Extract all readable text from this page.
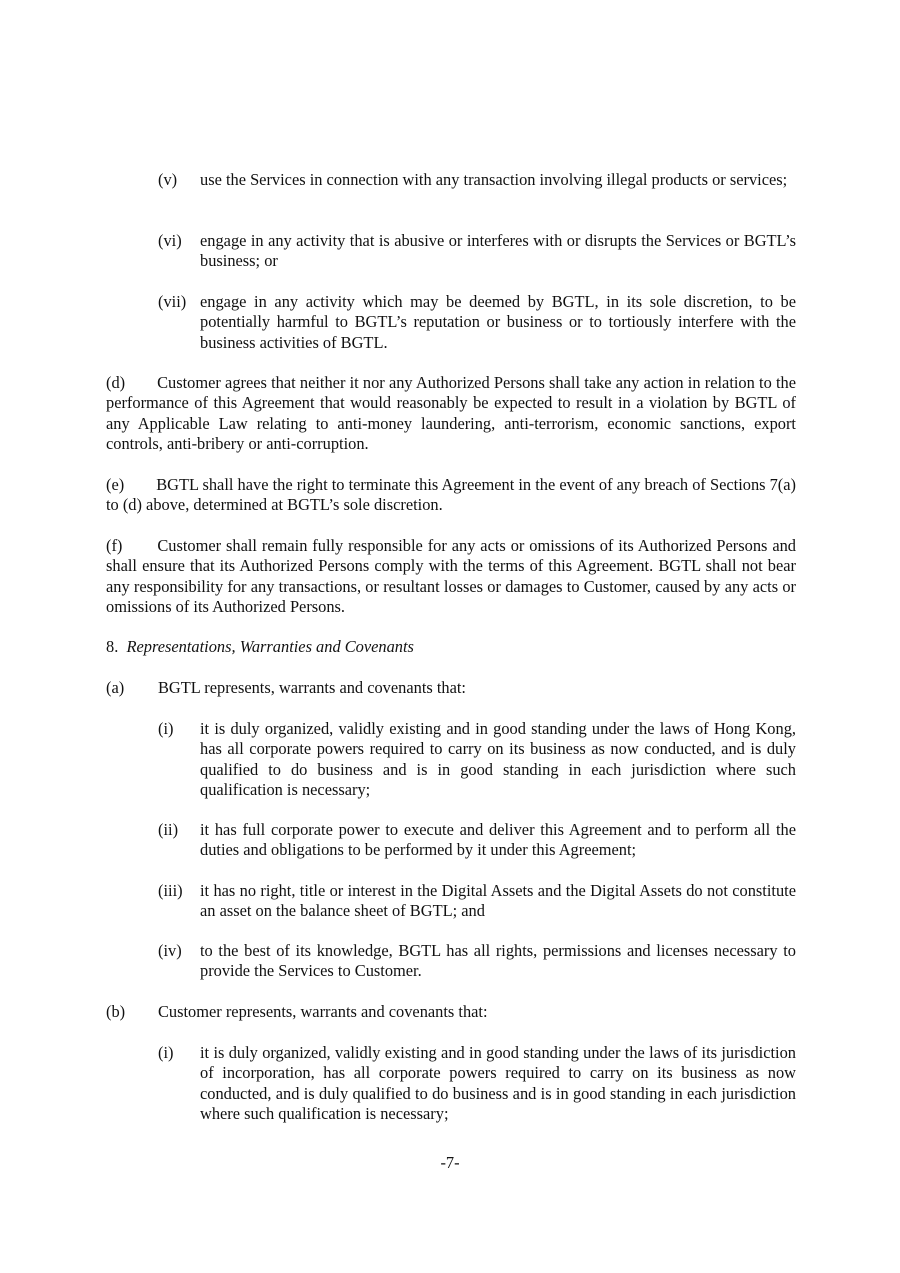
(v) use the Services in connection with any transaction involving illegal products or services;
(vi) engage in any activity that is abusive or interferes with or disrupts the Services or BGTL’s business; or
(vii) engage in any activity which may be deemed by BGTL, in its sole discretion, to be potentially harmful to BGTL’s reputation or business or to tortiously interfere with the business activities of BGTL.
(d) Customer agrees that neither it nor any Authorized Persons shall take any action in relation to the performance of this Agreement that would reasonably be expected to result in a violation by BGTL of any Applicable Law relating to anti-money laundering, anti-terrorism, economic sanctions, export controls, anti-bribery or anti-corruption.
(e) BGTL shall have the right to terminate this Agreement in the event of any breach of Sections 7(a) to (d) above, determined at BGTL’s sole discretion.
(f) Customer shall remain fully responsible for any acts or omissions of its Authorized Persons and shall ensure that its Authorized Persons comply with the terms of this Agreement. BGTL shall not bear any responsibility for any transactions, or resultant losses or damages to Customer, caused by any acts or omissions of its Authorized Persons.
8. Representations, Warranties and Covenants
(a) BGTL represents, warrants and covenants that:
(i) it is duly organized, validly existing and in good standing under the laws of Hong Kong, has all corporate powers required to carry on its business as now conducted, and is duly qualified to do business and is in good standing in each jurisdiction where such qualification is necessary;
(ii) it has full corporate power to execute and deliver this Agreement and to perform all the duties and obligations to be performed by it under this Agreement;
(iii) it has no right, title or interest in the Digital Assets and the Digital Assets do not constitute an asset on the balance sheet of BGTL; and
(iv) to the best of its knowledge, BGTL has all rights, permissions and licenses necessary to provide the Services to Customer.
(b) Customer represents, warrants and covenants that:
(i) it is duly organized, validly existing and in good standing under the laws of its jurisdiction of incorporation, has all corporate powers required to carry on its business as now conducted, and is duly qualified to do business and is in good standing in each jurisdiction where such qualification is necessary;
-7-
